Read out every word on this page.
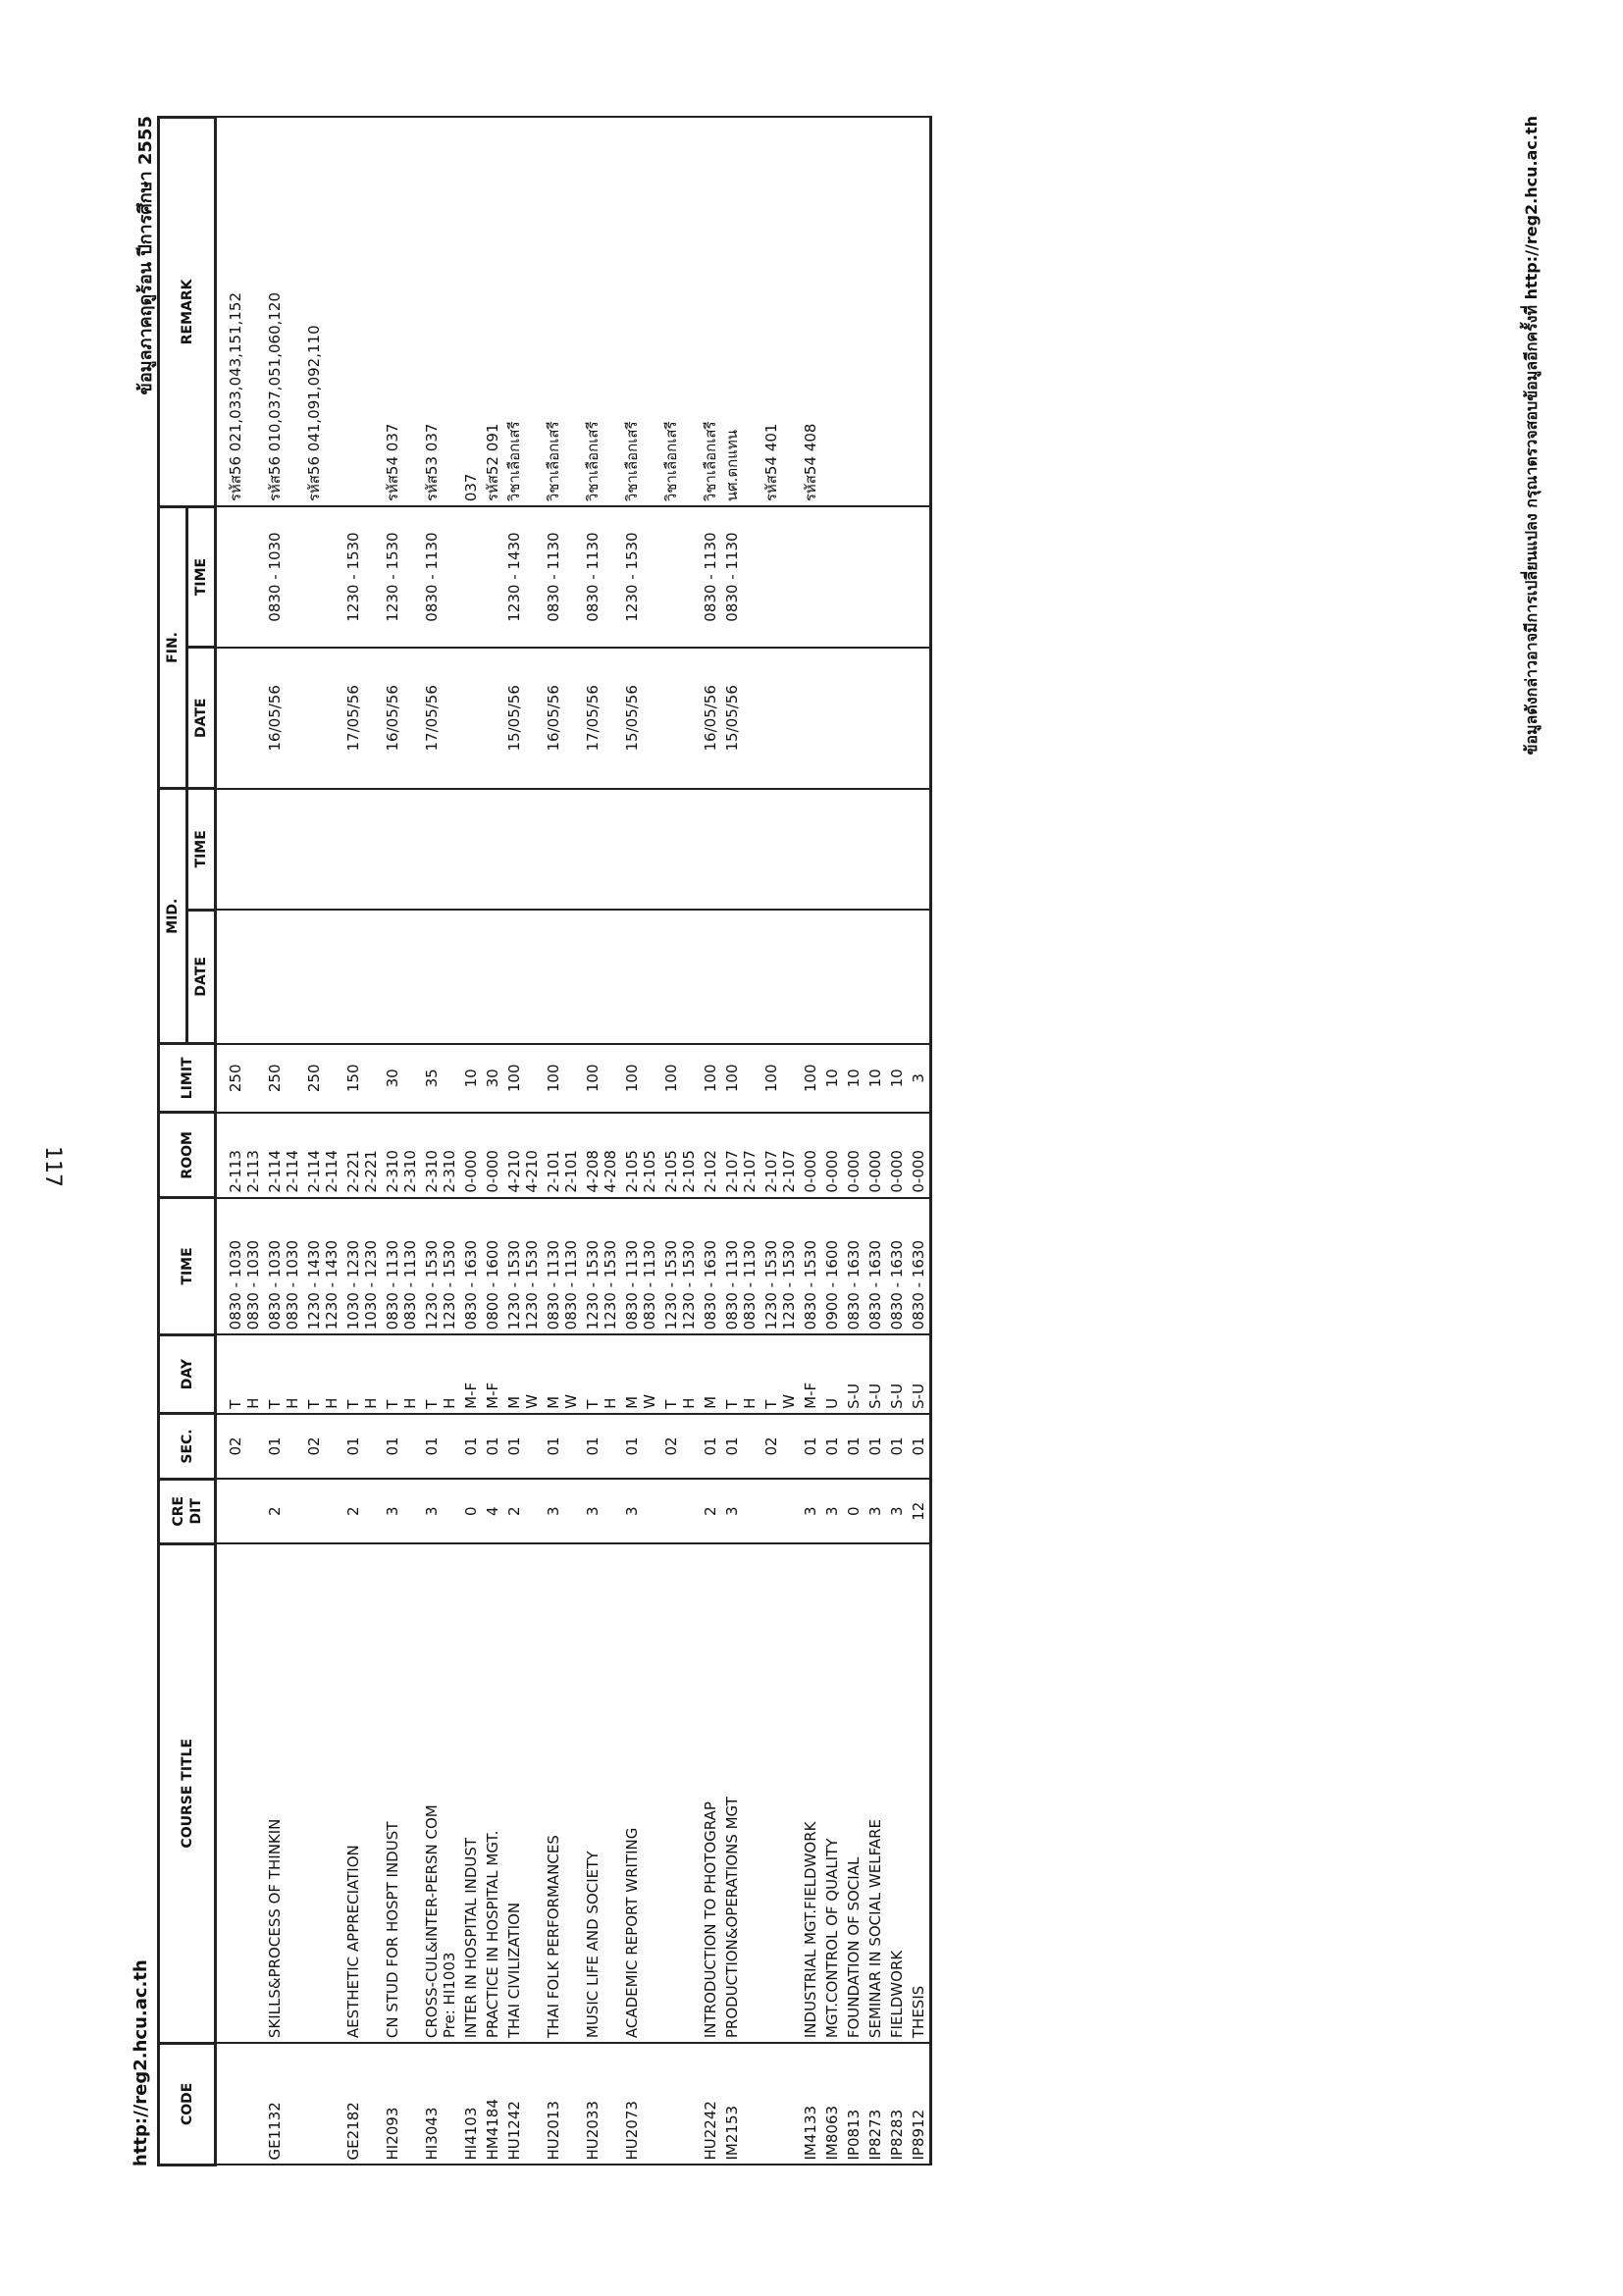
117
http://reg2.hcu.ac.th
ข้อมูลภาคฤดูร้อน ปีการศึกษา 2555
CODE	COURSE TITLE	CRE DIT	SEC.	DAY	TIME	ROOM	LIMIT	MID.		FIN.		REMARK
								DATE	TIME	DATE	TIME	
			02	T H	0830 - 1030 0830 - 1030	2-113 2-113	250					รหัส56 021,033,043,151,152
GE1132	SKILLS&PROCESS OF THINKIN	2	01	T H	0830 - 1030 0830 - 1030	2-114 2-114	250			16/05/56	0830 - 1030	รหัส56 010,037,051,060,120
			02	T H	1230 - 1430 1230 - 1430	2-114 2-114	250					รหัส56 041,091,092,110
GE2182	AESTHETIC APPRECIATION	2	01	T H	1030 - 1230 1030 - 1230	2-221 2-221	150			17/05/56	1230 - 1530	
HI2093	CN STUD FOR HOSPT INDUST	3	01	T H	0830 - 1130 0830 - 1130	2-310 2-310	30			16/05/56	1230 - 1530	รหัส54 037
HI3043	CROSS-CUL&INTER-PERSN COM Pre: HI1003	3	01	T H	1230 - 1530 1230 - 1530	2-310 2-310	35			17/05/56	0830 - 1130	รหัส53 037
HI4103	INTER IN HOSPITAL INDUST	0	01	M-F	0830 - 1630	0-000	10					037
HM4184	PRACTICE IN HOSPITAL MGT.	4	01	M-F	0800 - 1600	0-000	30					รหัส52 091
HU1242	THAI CIVILIZATION	2	01	M W	1230 - 1530 1230 - 1530	4-210 4-210	100			15/05/56	1230 - 1430	วิชาเลือกเสรี
HU2013	THAI FOLK PERFORMANCES	3	01	M W	0830 - 1130 0830 - 1130	2-101 2-101	100			16/05/56	0830 - 1130	วิชาเลือกเสรี
HU2033	MUSIC LIFE AND SOCIETY	3	01	T H	1230 - 1530 1230 - 1530	4-208 4-208	100			17/05/56	0830 - 1130	วิชาเลือกเสรี
HU2073	ACADEMIC REPORT WRITING	3	01	M W	0830 - 1130 0830 - 1130	2-105 2-105	100			15/05/56	1230 - 1530	วิชาเลือกเสรี
			02	T H	1230 - 1530 1230 - 1530	2-105 2-105	100					วิชาเลือกเสรี
HU2242	INTRODUCTION TO PHOTOGRAP	2	01	M	0830 - 1630	2-102	100			16/05/56	0830 - 1130	วิชาเลือกเสรี
IM2153	PRODUCTION&OPERATIONS MGT	3	01	T H	0830 - 1130 0830 - 1130	2-107 2-107	100			15/05/56	0830 - 1130	นศ.ตกแทน
			02	T W	1230 - 1530 1230 - 1530	2-107 2-107	100					รหัส54 401
IM4133	INDUSTRIAL MGT.FIELDWORK	3	01	M-F	0830 - 1530	0-000	100					รหัส54 408
IM8063	MGT.CONTROL OF QUALITY	3	01	U	0900 - 1600	0-000	10					
IP0813	FOUNDATION OF SOCIAL	0	01	S-U	0830 - 1630	0-000	10					
IP8273	SEMINAR IN SOCIAL WELFARE	3	01	S-U	0830 - 1630	0-000	10					
IP8283	FIELDWORK	3	01	S-U	0830 - 1630	0-000	10					
IP8912	THESIS	12	01	S-U	0830 - 1630	0-000	3					
ข้อมูลดังกล่าวอาจมีการเปลี่ยนแปลง กรุณาตรวจสอบข้อมูลอีกครั้งที่ http://reg2.hcu.ac.th
